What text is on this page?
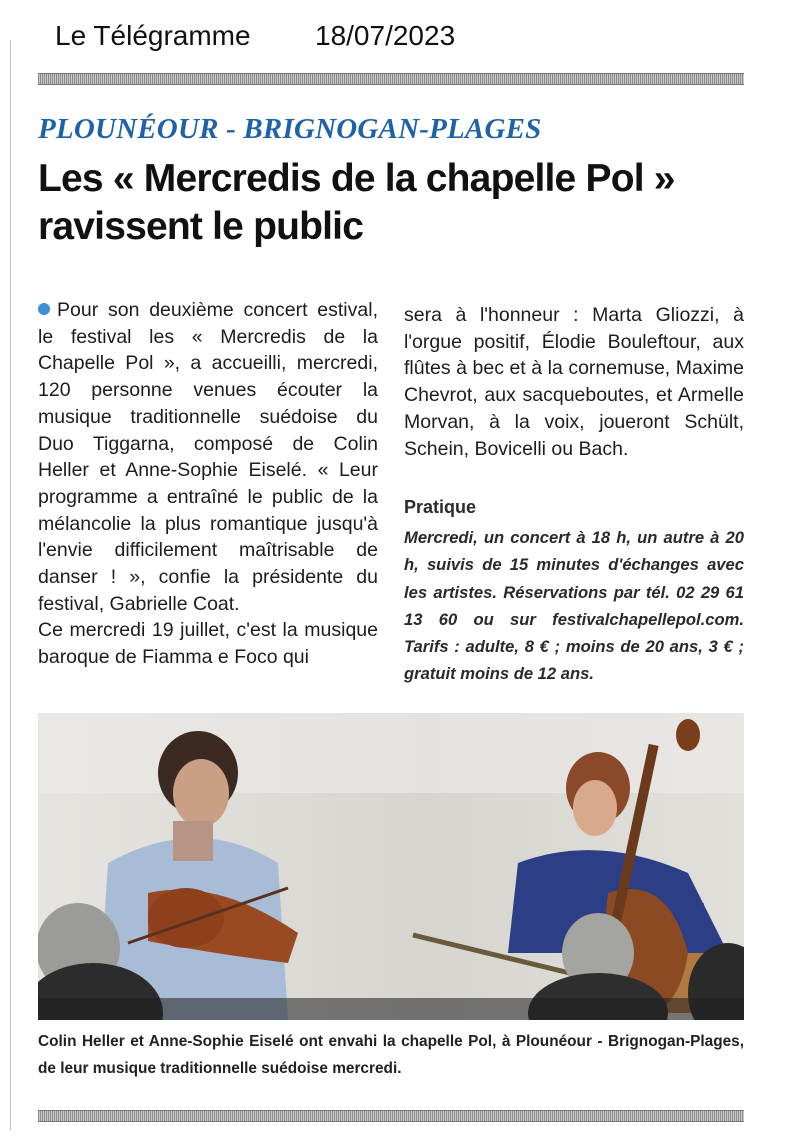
Le Télégramme 18/07/2023
PLOUNÉOUR - BRIGNOGAN-PLAGES
Les « Mercredis de la chapelle Pol »
ravissent le public

Pour son deuxième concert estival, le festival les « Mercredis de la Chapelle Pol », a accueilli, mercredi, 120 personne venues écouter la musique traditionnelle suédoise du Duo Tiggarna, composé de Colin Heller et Anne-Sophie Eiselé. « Leur programme a entraîné le public de la mélancolie la plus romantique jusqu'à l'envie difficilement maîtrisable de danser ! », confie la présidente du festival, Gabrielle Coat.

Ce mercredi 19 juillet, c'est la musique baroque de Fiamma e Foco qui

sera à l'honneur : Marta Gliozzi, à l'orgue positif, Élodie Bouleftour, aux flûtes à bec et à la cornemuse, Maxime Chevrot, aux sacqueboutes, et Armelle Morvan, à la voix, joueront Schült, Schein, Bovicelli ou Bach.

Pratique

Mercredi, un concert à 18 h, un autre à 20 h, suivis de 15 minutes d'échanges avec les artistes. Réservations par tél. 02 29 61 13 60 ou sur festivalchapellepol.com. Tarifs : adulte, 8 € ; moins de 20 ans, 3 € ; gratuit moins de 12 ans.

Colin Heller et Anne-Sophie Eiselé ont envahi la chapelle Pol, à Plounéour - Brignogan-Plages, de leur musique traditionnelle suédoise mercredi.
